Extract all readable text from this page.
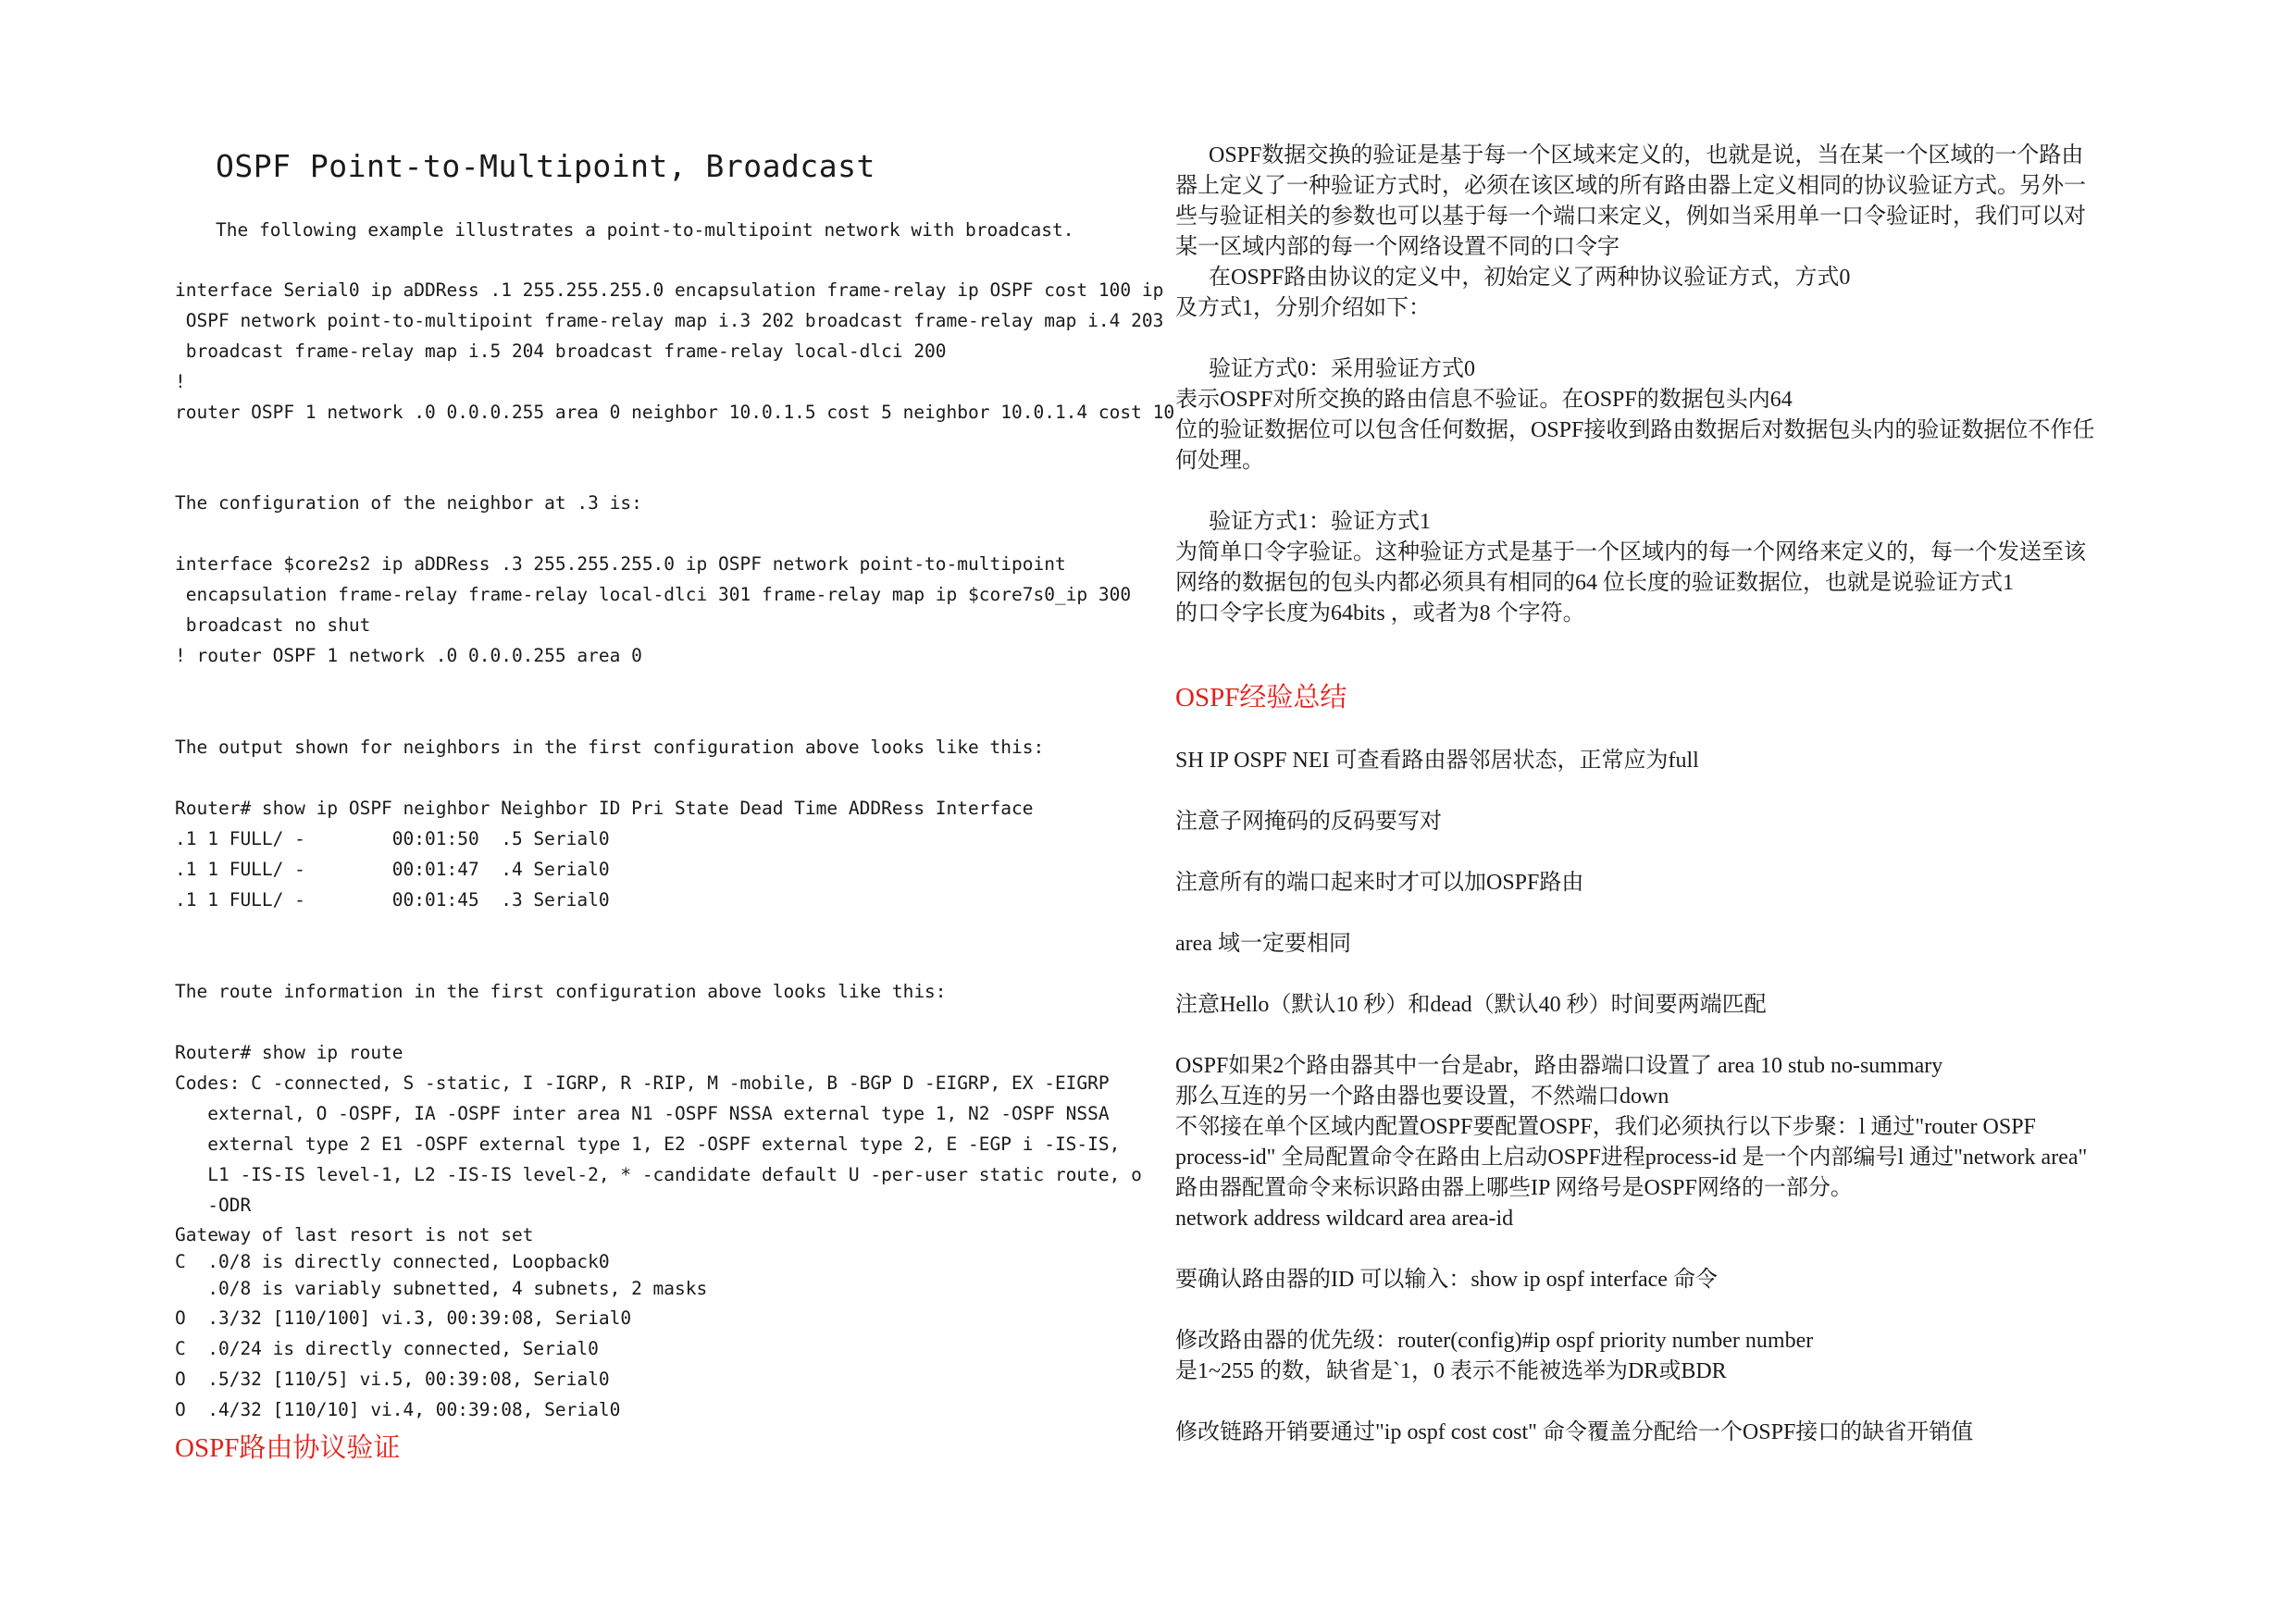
OSPF Point-to-Multipoint, Broadcast
The following example illustrates a point-to-multipoint network with broadcast.
interface Serial0 ip aDDRess .1 255.255.255.0 encapsulation frame-relay ip OSPF cost 100 ip
OSPF network point-to-multipoint frame-relay map i.3 202 broadcast frame-relay map i.4 203
broadcast frame-relay map i.5 204 broadcast frame-relay local-dlci 200
!
router OSPF 1 network .0 0.0.0.255 area 0 neighbor 10.0.1.5 cost 5 neighbor 10.0.1.4 cost 10
The configuration of the neighbor at .3 is:
interface $core2s2 ip aDDRess .3 255.255.255.0 ip OSPF network point-to-multipoint
encapsulation frame-relay frame-relay local-dlci 301 frame-relay map ip $core7s0_ip 300
broadcast no shut
! router OSPF 1 network .0 0.0.0.255 area 0
The output shown for neighbors in the first configuration above looks like this:
Router# show ip OSPF neighbor Neighbor ID Pri State Dead Time ADDRess Interface
.1 1 FULL/ -        00:01:50  .5 Serial0
.1 1 FULL/ -        00:01:47  .4 Serial0
.1 1 FULL/ -        00:01:45  .3 Serial0
The route information in the first configuration above looks like this:
Router# show ip route
Codes: C -connected, S -static, I -IGRP, R -RIP, M -mobile, B -BGP D -EIGRP, EX -EIGRP
external, O -OSPF, IA -OSPF inter area N1 -OSPF NSSA external type 1, N2 -OSPF NSSA
external type 2 E1 -OSPF external type 1, E2 -OSPF external type 2, E -EGP i -IS-IS,
L1 -IS-IS level-1, L2 -IS-IS level-2, * -candidate default U -per-user static route, o
-ODR
Gateway of last resort is not set
C  .0/8 is directly connected, Loopback0
.0/8 is variably subnetted, 4 subnets, 2 masks
O  .3/32 [110/100] vi.3, 00:39:08, Serial0
C  .0/24 is directly connected, Serial0
O  .5/32 [110/5] vi.5, 00:39:08, Serial0
O  .4/32 [110/10] vi.4, 00:39:08, Serial0
OSPF路由协议验证
OSPF数据交换的验证是基于每一个区域来定义的，也就是说，当在某一个区域的一个路由
器上定义了一种验证方式时，必须在该区域的所有路由器上定义相同的协议验证方式。另外一
些与验证相关的参数也可以基于每一个端口来定义，例如当采用单一口令验证时，我们可以对
某一区域内部的每一个网络设置不同的口令字
在OSPF路由协议的定义中，初始定义了两种协议验证方式，方式0
及方式1，分别介绍如下：
验证方式0：采用验证方式0
表示OSPF对所交换的路由信息不验证。在OSPF的数据包头内64
位的验证数据位可以包含任何数据，OSPF接收到路由数据后对数据包头内的验证数据位不作任
何处理。
验证方式1：验证方式1
为简单口令字验证。这种验证方式是基于一个区域内的每一个网络来定义的，每一个发送至该
网络的数据包的包头内都必须具有相同的64 位长度的验证数据位，也就是说验证方式1
的口令字长度为64bits ，或者为8 个字符。
OSPF经验总结
SH IP OSPF NEI 可查看路由器邻居状态，正常应为full
注意子网掩码的反码要写对
注意所有的端口起来时才可以加OSPF路由
area 域一定要相同
注意Hello（默认10 秒）和dead（默认40 秒）时间要两端匹配
OSPF如果2个路由器其中一台是abr，路由器端口设置了 area 10 stub no-summary
那么互连的另一个路由器也要设置，不然端口down
不邻接在单个区域内配置OSPF要配置OSPF，我们必须执行以下步聚：l 通过"router OSPF
process-id" 全局配置命令在路由上启动OSPF进程process-id 是一个内部编号l 通过"network area"
路由器配置命令来标识路由器上哪些IP 网络号是OSPF网络的一部分。
network address wildcard area area-id
要确认路由器的ID 可以输入：show ip ospf interface 命令
修改路由器的优先级：router(config)#ip ospf priority number number
是1~255 的数，缺省是`1，0 表示不能被选举为DR或BDR
修改链路开销要通过"ip ospf cost cost" 命令覆盖分配给一个OSPF接口的缺省开销值
